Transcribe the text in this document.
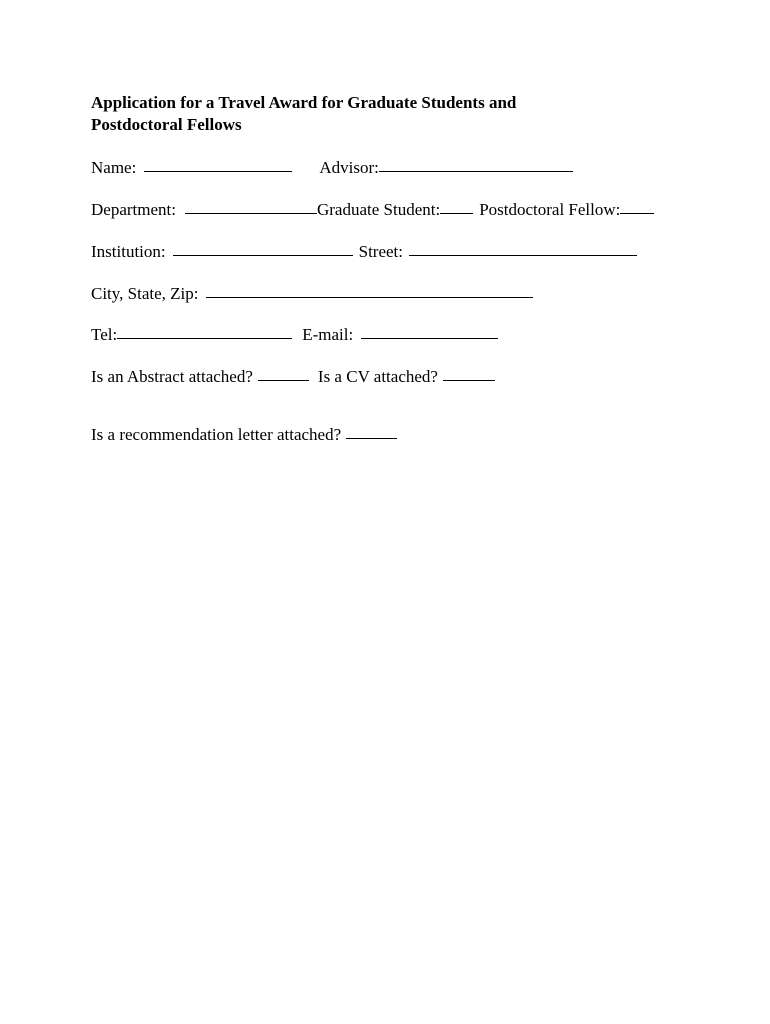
Application for a Travel Award for Graduate Students and
Postdoctoral Fellows
Name:	Advisor:
Department:	Graduate Student: Postdoctoral Fellow:
Institution:	Street:
City, State, Zip:
Tel:	E-mail:
Is an Abstract attached?	Is a CV attached?
Is a recommendation letter attached?
